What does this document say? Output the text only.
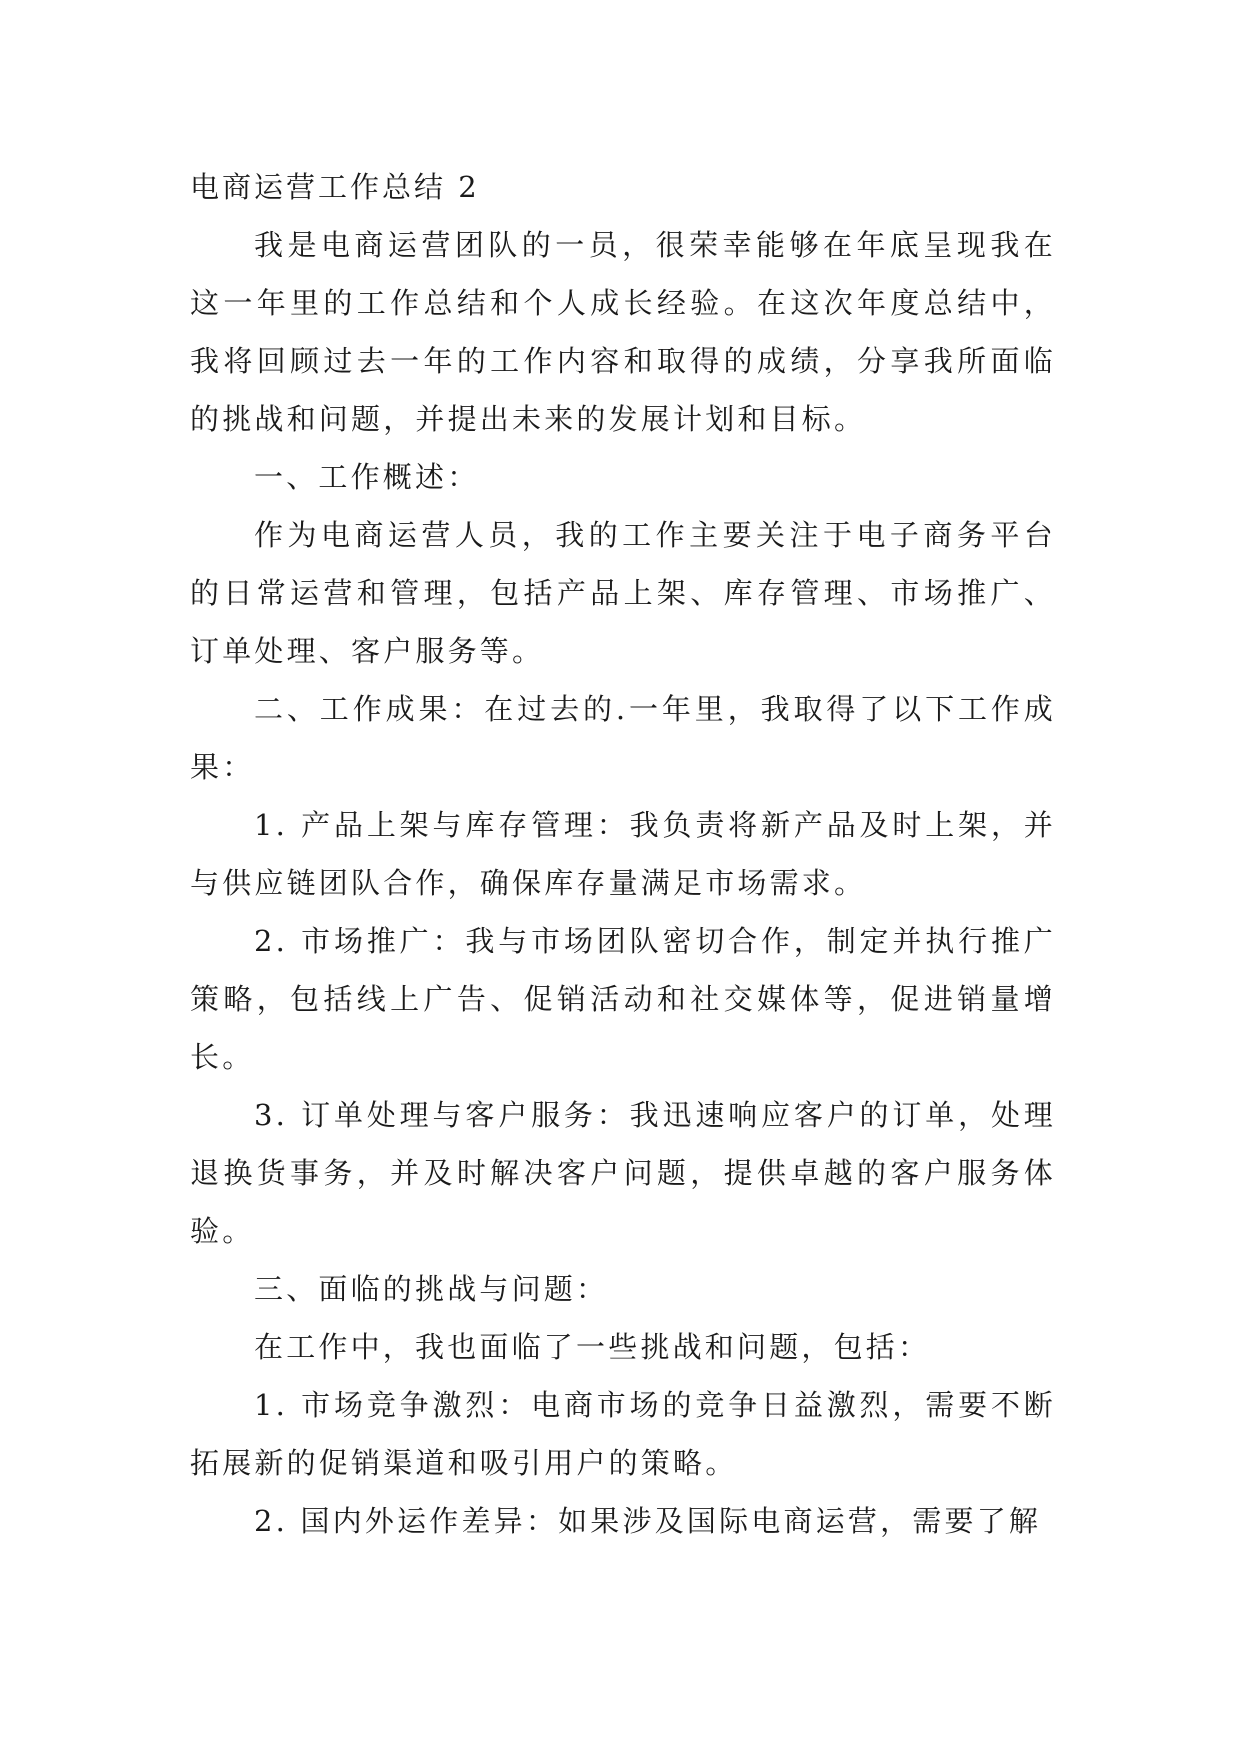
电商运营工作总结 2

我是电商运营团队的一员，很荣幸能够在年底呈现我在这一年里的工作总结和个人成长经验。在这次年度总结中，我将回顾过去一年的工作内容和取得的成绩，分享我所面临的挑战和问题，并提出未来的发展计划和目标。

一、工作概述：

作为电商运营人员，我的工作主要关注于电子商务平台的日常运营和管理，包括产品上架、库存管理、市场推广、订单处理、客户服务等。

二、工作成果：在过去的.一年里，我取得了以下工作成果：

1. 产品上架与库存管理：我负责将新产品及时上架，并与供应链团队合作，确保库存量满足市场需求。

2. 市场推广：我与市场团队密切合作，制定并执行推广策略，包括线上广告、促销活动和社交媒体等，促进销量增长。

3. 订单处理与客户服务：我迅速响应客户的订单，处理退换货事务，并及时解决客户问题，提供卓越的客户服务体验。

三、面临的挑战与问题：

在工作中，我也面临了一些挑战和问题，包括：

1. 市场竞争激烈：电商市场的竞争日益激烈，需要不断拓展新的促销渠道和吸引用户的策略。

2. 国内外运作差异：如果涉及国际电商运营，需要了解
